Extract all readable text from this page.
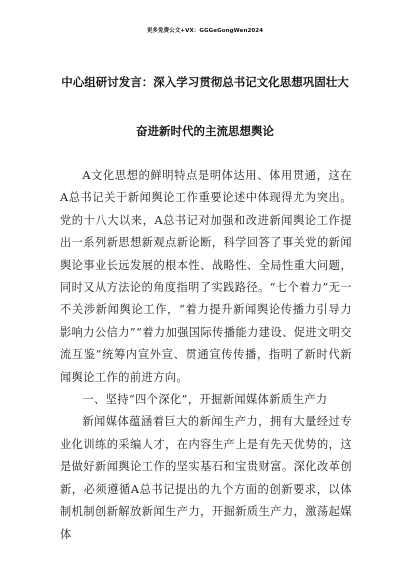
更多免费公文+VX：GGGeGongWen2024
中心组研讨发言：深入学习贯彻总书记文化思想巩固壮大
奋进新时代的主流思想舆论

A文化思想的鲜明特点是明体达用、体用贯通，这在A总书记关于新闻舆论工作重要论述中体现得尤为突出。党的十八大以来，A总书记对加强和改进新闻舆论工作提出一系列新思想新观点新论断，科学回答了事关党的新闻舆论事业长远发展的根本性、战略性、全局性重大问题，同时又从方法论的角度指明了实践路径。“七个着力”无一不关涉新闻舆论工作，“着力提升新闻舆论传播力引导力影响力公信力”“着力加强国际传播能力建设、促进文明交流互鉴”统筹内宣外宣、贯通宣传传播，指明了新时代新闻舆论工作的前进方向。

一、坚持“四个深化”，开掘新闻媒体新质生产力

新闻媒体蕴涵着巨大的新闻生产力，拥有大量经过专业化训练的采编人才，在内容生产上是有先天优势的，这是做好新闻舆论工作的坚实基石和宝贵财富。深化改革创新，必须遵循A总书记提出的九个方面的创新要求，以体制机制创新解放新闻生产力，开掘新质生产力，激荡起媒体
